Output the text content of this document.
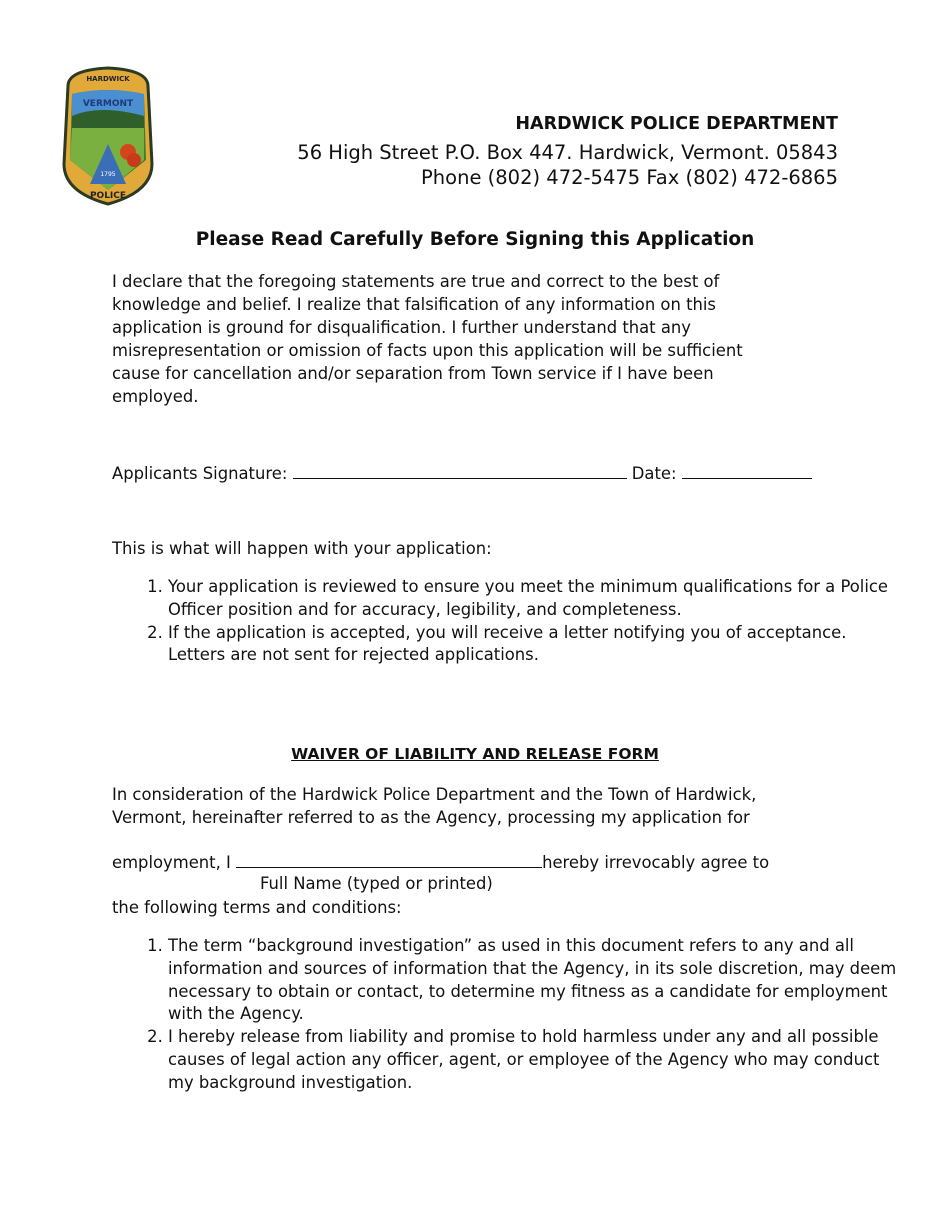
HARDWICK
VERMONT
1795
POLICE
HARDWICK POLICE DEPARTMENT
56 High Street P.O. Box 447. Hardwick, Vermont. 05843
Phone (802) 472-5475 Fax (802) 472-6865
Please Read Carefully Before Signing this Application
I declare that the foregoing statements are true and correct to the best of
knowledge and belief. I realize that falsification of any information on this
application is ground for disqualification. I further understand that any
misrepresentation or omission of facts upon this application will be sufficient
cause for cancellation and/or separation from Town service if I have been
employed.
Applicants Signature:	Date:
This is what will happen with your application:
1. Your application is reviewed to ensure you meet the minimum qualifications for a Police Officer position and for accuracy, legibility, and completeness.
2. If the application is accepted, you will receive a letter notifying you of acceptance. Letters are not sent for rejected applications.
WAIVER OF LIABILITY AND RELEASE FORM
In consideration of the Hardwick Police Department and the Town of Hardwick,
Vermont, hereinafter referred to as the Agency, processing my application for
employment, I	hereby irrevocably agree to
Full Name (typed or printed)
the following terms and conditions:
1. The term “background investigation” as used in this document refers to any and all information and sources of information that the Agency, in its sole discretion, may deem necessary to obtain or contact, to determine my fitness as a candidate for employment with the Agency.
2. I hereby release from liability and promise to hold harmless under any and all possible causes of legal action any officer, agent, or employee of the Agency who may conduct my background investigation.
